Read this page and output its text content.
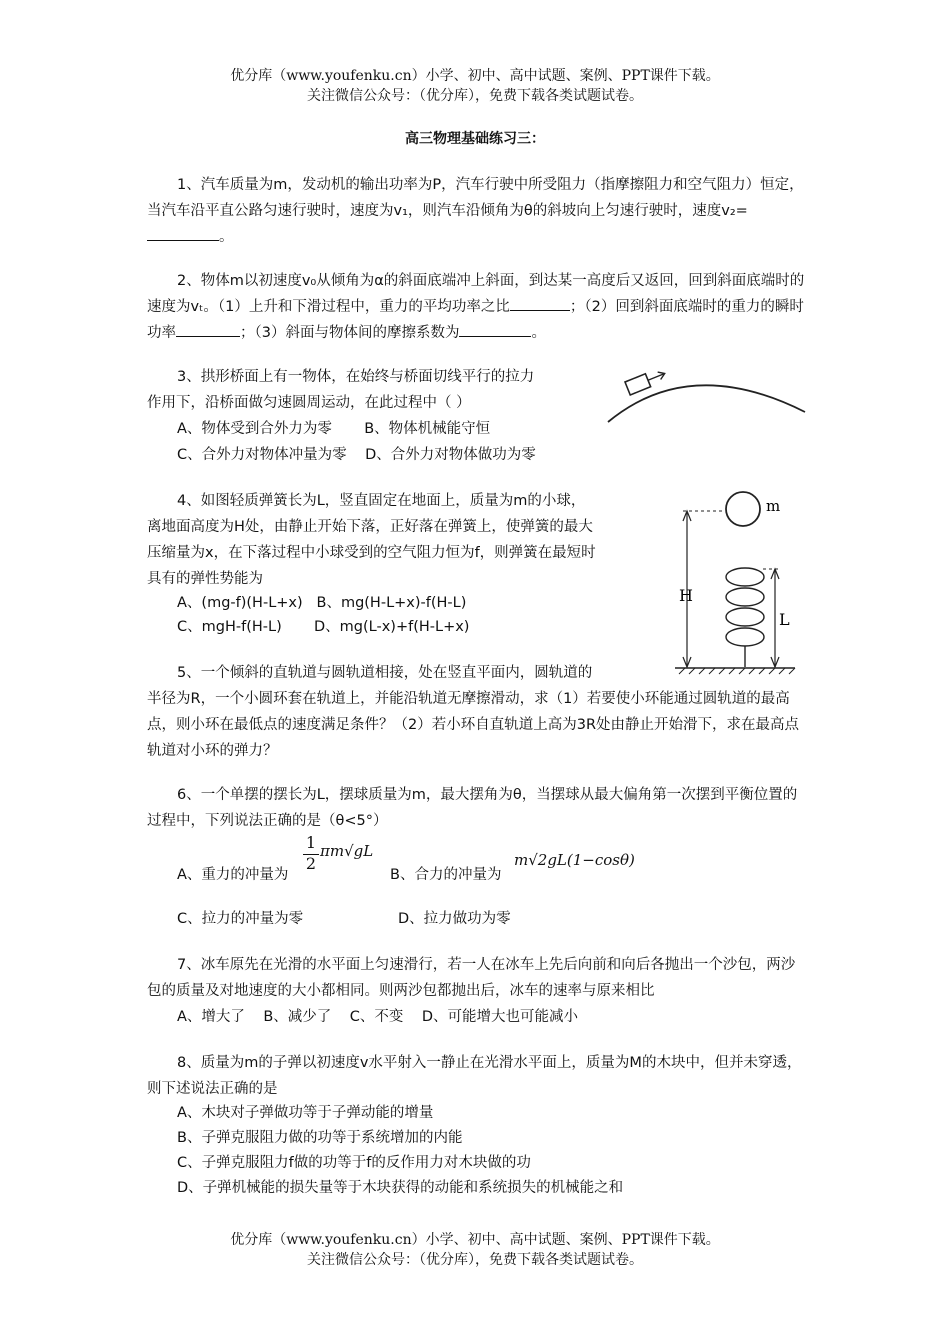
优分库（www.youfenku.cn）小学、初中、高中试题、案例、PPT课件下载。
关注微信公众号：（优分库），免费下载各类试题试卷。
高三物理基础练习三：
1、汽车质量为m，发动机的输出功率为P，汽车行驶中所受阻力（指摩擦阻力和空气阻力）恒定，当汽车沿平直公路匀速行驶时，速度为v₁，则汽车沿倾角为θ的斜坡向上匀速行驶时，速度v₂=。
2、物体m以初速度v₀从倾角为α的斜面底端冲上斜面，到达某一高度后又返回，回到斜面底端时的速度为vₜ。（1）上升和下滑过程中，重力的平均功率之比	；（2）回到斜面底端时的重力的瞬时功率	；（3）斜面与物体间的摩擦系数为	。
3、拱形桥面上有一物体，在始终与桥面切线平行的拉力
作用下，沿桥面做匀速圆周运动，在此过程中（ ）
A、物体受到合外力为零 B、物体机械能守恒
C、合外力对物体冲量为零 D、合外力对物体做功为零
4、如图轻质弹簧长为L，竖直固定在地面上，质量为m的小球，
离地面高度为H处，由静止开始下落，正好落在弹簧上，使弹簧的最大
压缩量为x，在下落过程中小球受到的空气阻力恒为f，则弹簧在最短时
具有的弹性势能为
A、(mg-f)(H-L+x) B、mg(H-L+x)-f(H-L)
C、mgH-f(H-L) D、mg(L-x)+f(H-L+x)
m
H
L
5、一个倾斜的直轨道与圆轨道相接，处在竖直平面内，圆轨道的
半径为R，一个小圆环套在轨道上，并能沿轨道无摩擦滑动，求（1）若要使小环能通过圆轨道的最高点，则小环在最低点的速度满足条件？（2）若小环自直轨道上高为3R处由静止开始滑下，求在最高点轨道对小环的弹力？
6、一个单摆的摆长为L，摆球质量为m，最大摆角为θ，当摆球从最大偏角第一次摆到平衡位置的过程中，下列说法正确的是（θ<5°）
A、重力的冲量为
$\frac{1}{2} \pi m√gL$
B、合力的冲量为
m√2gL(1−cosθ)
C、拉力的冲量为零	D、拉力做功为零
7、冰车原先在光滑的水平面上匀速滑行，若一人在冰车上先后向前和向后各抛出一个沙包，两沙包的质量及对地速度的大小都相同。则两沙包都抛出后，冰车的速率与原来相比
A、增大了 B、减少了 C、不变 D、可能增大也可能减小
8、质量为m的子弹以初速度v水平射入一静止在光滑水平面上，质量为M的木块中，但并未穿透，则下述说法正确的是
A、木块对子弹做功等于子弹动能的增量
B、子弹克服阻力做的功等于系统增加的内能
C、子弹克服阻力f做的功等于f的反作用力对木块做的功
D、子弹机械能的损失量等于木块获得的动能和系统损失的机械能之和
优分库（www.youfenku.cn）小学、初中、高中试题、案例、PPT课件下载。
关注微信公众号：（优分库），免费下载各类试题试卷。
